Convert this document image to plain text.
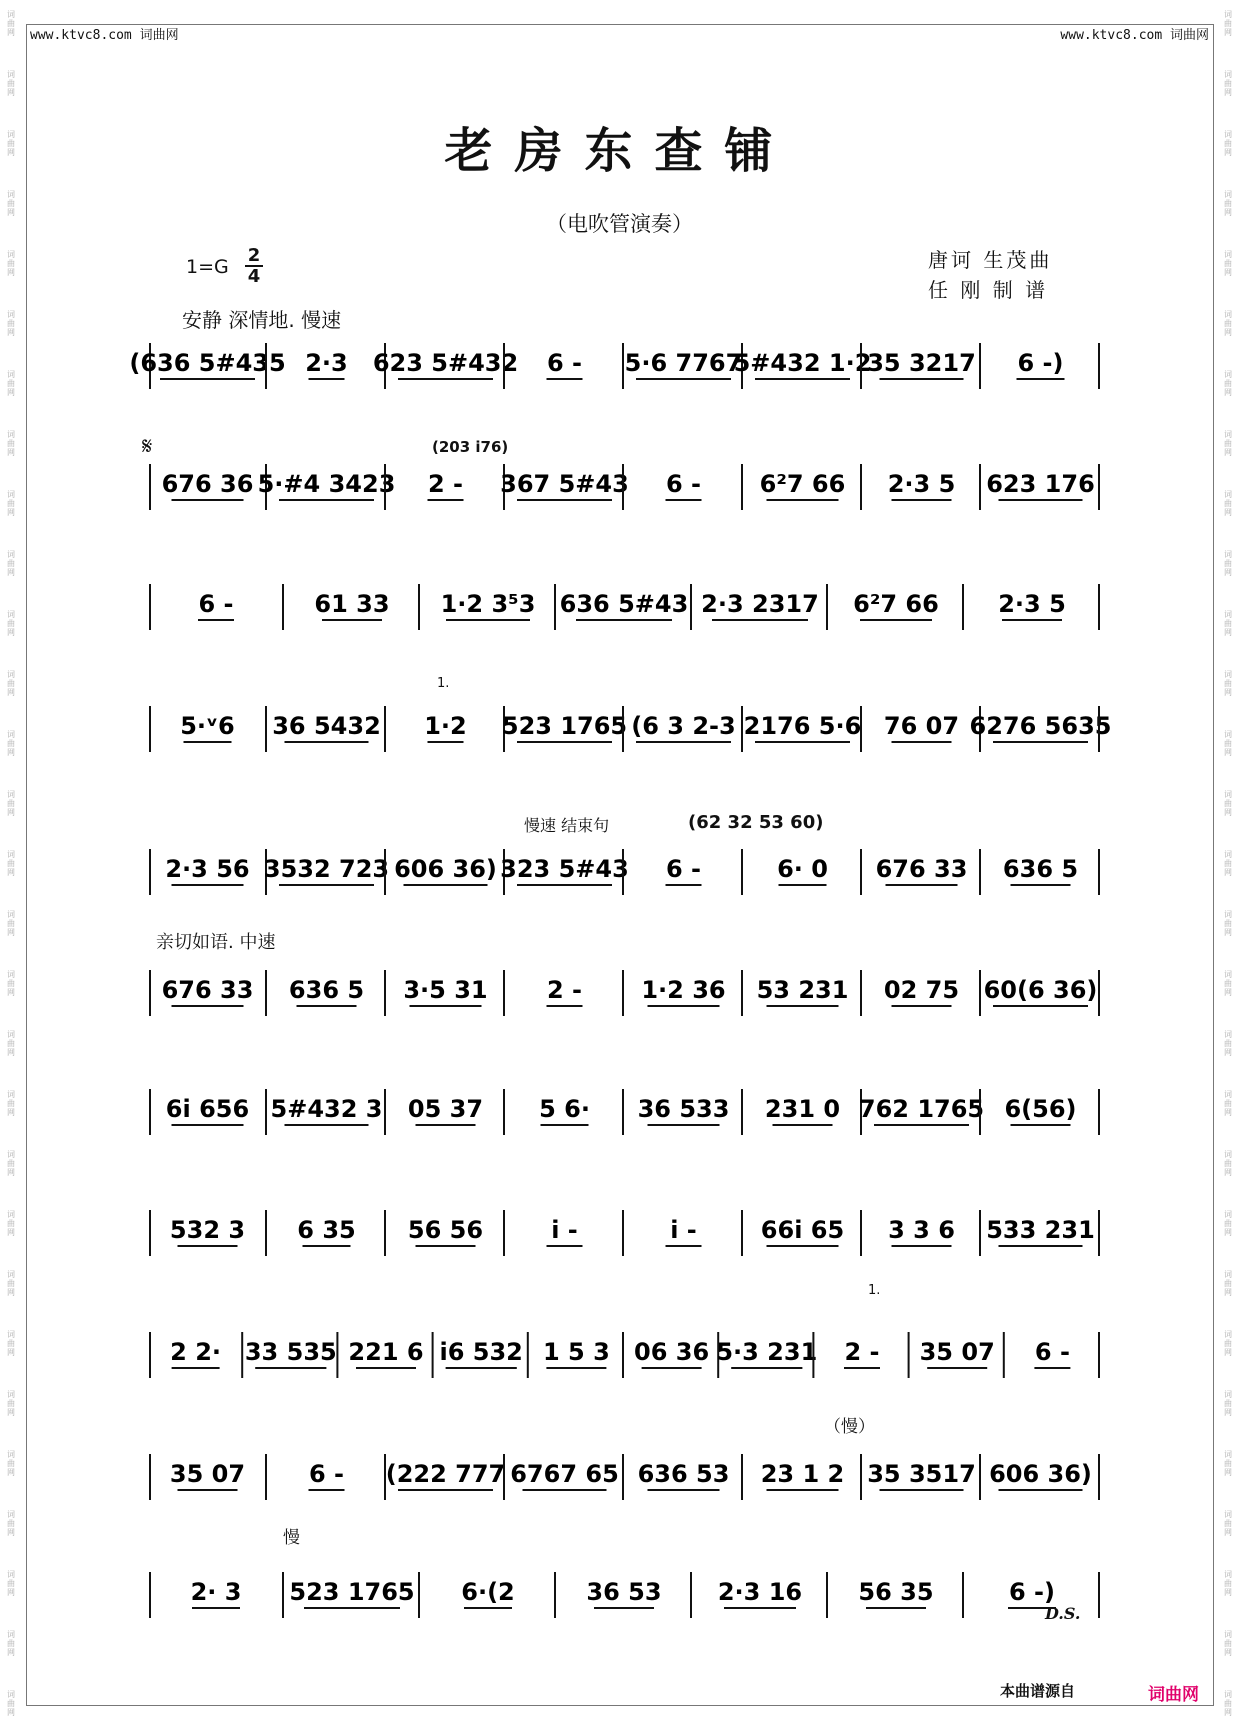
词
曲
网
词
曲
网
词
曲
网
词
曲
网
词
曲
网
词
曲
网
词
曲
网
词
曲
网
词
曲
网
词
曲
网
词
曲
网
词
曲
网
词
曲
网
词
曲
网
词
曲
网
词
曲
网
词
曲
网
词
曲
网
词
曲
网
词
曲
网
词
曲
网
词
曲
网
词
曲
网
词
曲
网
词
曲
网
词
曲
网
词
曲
网
词
曲
网
词
曲
网
词
曲
网
词
曲
网
词
曲
网
词
曲
网
词
曲
网
词
曲
网
词
曲
网
词
曲
网
词
曲
网
词
曲
网
词
曲
网
词
曲
网
词
曲
网
词
曲
网
词
曲
网
词
曲
网
词
曲
网
词
曲
网
词
曲
网
词
曲
网
词
曲
网
词
曲
网
词
曲
网
词
曲
网
词
曲
网
词
曲
网
词
曲
网
词
曲
网
词
曲
网
www.ktvc8.com 词曲网	www.ktvc8.com 词曲网
老房东查铺
（电吹管演奏）
1=G
2
4
唐诃 生茂曲
任 刚 制 谱
安静 深情地. 慢速
亲切如语. 中速
1.
1.
慢速 结束句
（慢）
慢
(62 32 53 60)
(203 i76)
𝄋
(636 5#435 2·3 623 5#432 6 - 5·6 7767
5#432 1·2
35 3217 6 -)
676 36 5·#4 3423 2 - 367 5#43 6 - 6²7 66 2·3 5 623 176
6 -	61 33 1·2 3⁵3 636 5#43 2·3 2317 6²7 66 2·3 5
5·ᵛ6 36 5432 1·2 523 1765 (6 3 2-3 2176 5·6 76 07 6276 5635
2·3 56 3532 723 606 36) 323 5#43 6 -	6· 0 676 33 636 5
676 33 636 5 3·5 31 2 - 1·2 36 53 231 02 75 60(6 36)
6i 656 5#432 3 05 37 5 6· 36 533 231 0 762 1765 6(56)
532 3 6 35 56 56	i -	i -	66i 65 3 3 6 533 231
2 2· 33 535 221 6 i6 532 1 5 3 06 36 5·3 231 2 - 35 07 6 -
35 07	6 - (222 777 6767 65 636 53 23 1 2 35 3517 606 36)
2· 3 523 1765 6·(2	36 53 2·3 16 56 35	6 -)
D.S.
本曲谱源自	词曲网
